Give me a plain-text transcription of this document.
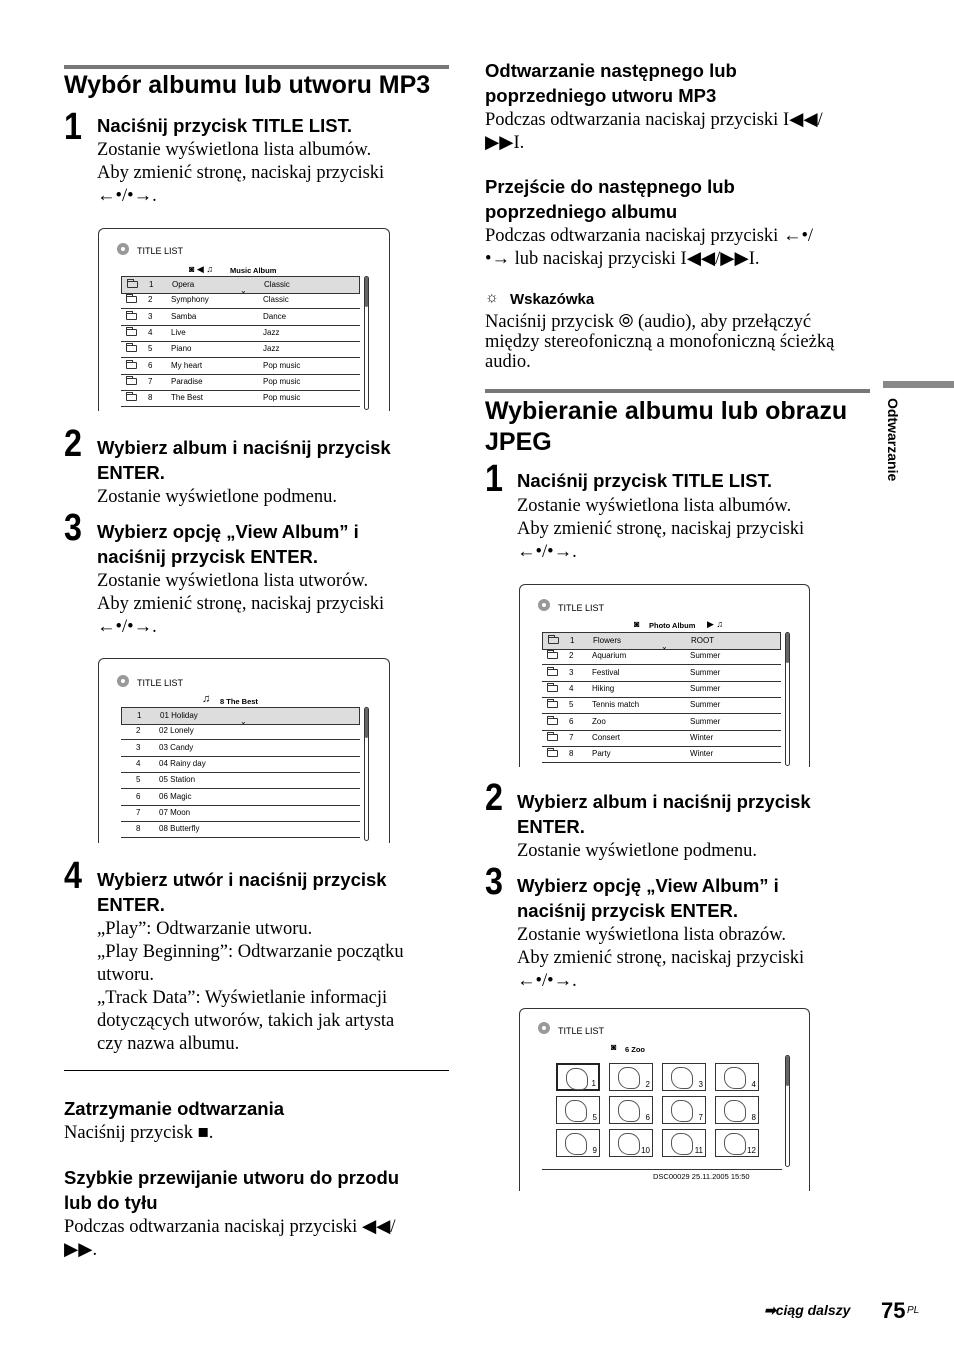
Wybór albumu lub utworu MP3
1 Naciśnij przycisk TITLE LIST.
Zostanie wyświetlona lista albumów.
Aby zmienić stronę, naciskaj przyciski
←•/•→.
TITLE LIST
◙ ◀ ♫ Music Album
1 Opera	Classic
⌄
2 Symphony	Classic
3 Samba	Dance
4 Live	Jazz
5 Piano	Jazz
6 My heart	Pop music
7 Paradise	Pop music
8 The Best	Pop music
2 Wybierz album i naciśnij przycisk
ENTER.
Zostanie wyświetlone podmenu.
3 Wybierz opcję „View Album” i
naciśnij przycisk ENTER.
Zostanie wyświetlona lista utworów.
Aby zmienić stronę, naciskaj przyciski
←•/•→.
TITLE LIST
♫ 8 The Best
1 01 Holiday
⌄
2 02 Lonely
3 03 Candy
4 04 Rainy day
5 05 Station
6 06 Magic
7 07 Moon
8 08 Butterfly
4 Wybierz utwór i naciśnij przycisk
ENTER.
„Play”: Odtwarzanie utworu.
„Play Beginning”: Odtwarzanie początku
utworu.
„Track Data”: Wyświetlanie informacji
dotyczących utworów, takich jak artysta
czy nazwa albumu.
Zatrzymanie odtwarzania
Naciśnij przycisk ■.
Szybkie przewijanie utworu do przodu
lub do tyłu
Podczas odtwarzania naciskaj przyciski ◀◀/
▶▶.
Odtwarzanie następnego lub
poprzedniego utworu MP3
Podczas odtwarzania naciskaj przyciski I◀◀/
▶▶I.
Przejście do następnego lub
poprzedniego albumu
Podczas odtwarzania naciskaj przyciski ←•/
•→ lub naciskaj przyciski I◀◀/▶▶I.
☼ Wskazówka
Naciśnij przycisk ⦾ (audio), aby przełączyć
między stereofoniczną a monofoniczną ścieżką
audio.
Wybieranie albumu lub obrazu
JPEG
1 Naciśnij przycisk TITLE LIST.
Zostanie wyświetlona lista albumów.
Aby zmienić stronę, naciskaj przyciski
←•/•→.
TITLE LIST
◙ Photo Album ▶ ♫
1 Flowers	ROOT
⌄
2 Aquarium	Summer
3 Festival	Summer
4 Hiking	Summer
5 Tennis match	Summer
6 Zoo	Summer
7 Consert	Winter
8 Party	Winter
2 Wybierz album i naciśnij przycisk
ENTER.
Zostanie wyświetlone podmenu.
3 Wybierz opcję „View Album” i
naciśnij przycisk ENTER.
Zostanie wyświetlona lista obrazów.
Aby zmienić stronę, naciskaj przyciski
←•/•→.
TITLE LIST
◙ 6 Zoo
1	2	3	4
5	6	7	8
9	10	11	12
DSC00029 25.11.2005 15:50
Odtwarzanie
➡ciąg dalszy 75 PL
